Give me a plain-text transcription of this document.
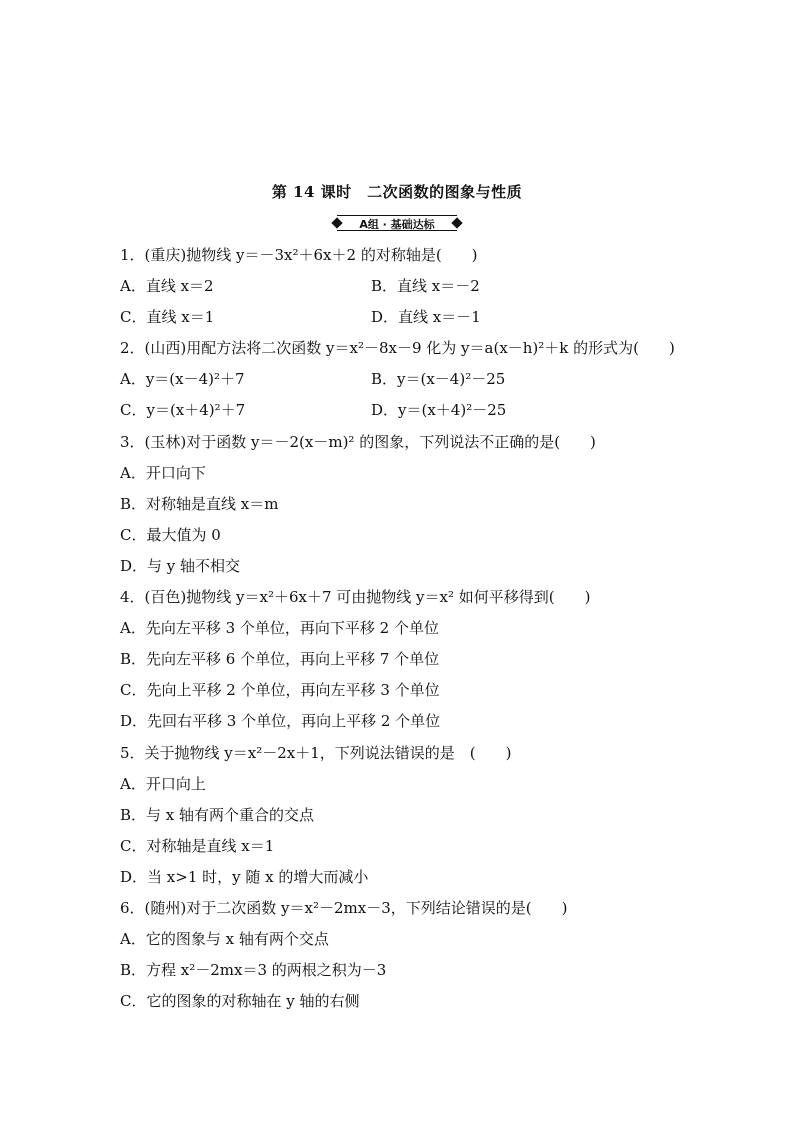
第 14 课时　二次函数的图象与性质
A组 · 基础达标
1．(重庆)抛物线 y＝－3x²＋6x＋2 的对称轴是(　　)
A．直线 x＝2	B．直线 x＝－2
C．直线 x＝1	D．直线 x＝－1
2．(山西)用配方法将二次函数 y＝x²－8x－9 化为 y＝a(x－h)²＋k 的形式为(　　)
A．y＝(x－4)²＋7	B．y＝(x－4)²－25
C．y＝(x＋4)²＋7	D．y＝(x＋4)²－25
3．(玉林)对于函数 y＝－2(x－m)² 的图象，下列说法不正确的是(　　)
A．开口向下
B．对称轴是直线 x＝m
C．最大值为 0
D．与 y 轴不相交
4．(百色)抛物线 y＝x²＋6x＋7 可由抛物线 y＝x² 如何平移得到(　　)
A．先向左平移 3 个单位，再向下平移 2 个单位
B．先向左平移 6 个单位，再向上平移 7 个单位
C．先向上平移 2 个单位，再向左平移 3 个单位
D．先回右平移 3 个单位，再向上平移 2 个单位
5．关于抛物线 y＝x²－2x＋1，下列说法错误的是　(　　)
A．开口向上
B．与 x 轴有两个重合的交点
C．对称轴是直线 x＝1
D．当 x>1 时，y 随 x 的增大而减小
6．(随州)对于二次函数 y＝x²－2mx－3，下列结论错误的是(　　)
A．它的图象与 x 轴有两个交点
B．方程 x²－2mx＝3 的两根之积为－3
C．它的图象的对称轴在 y 轴的右侧
